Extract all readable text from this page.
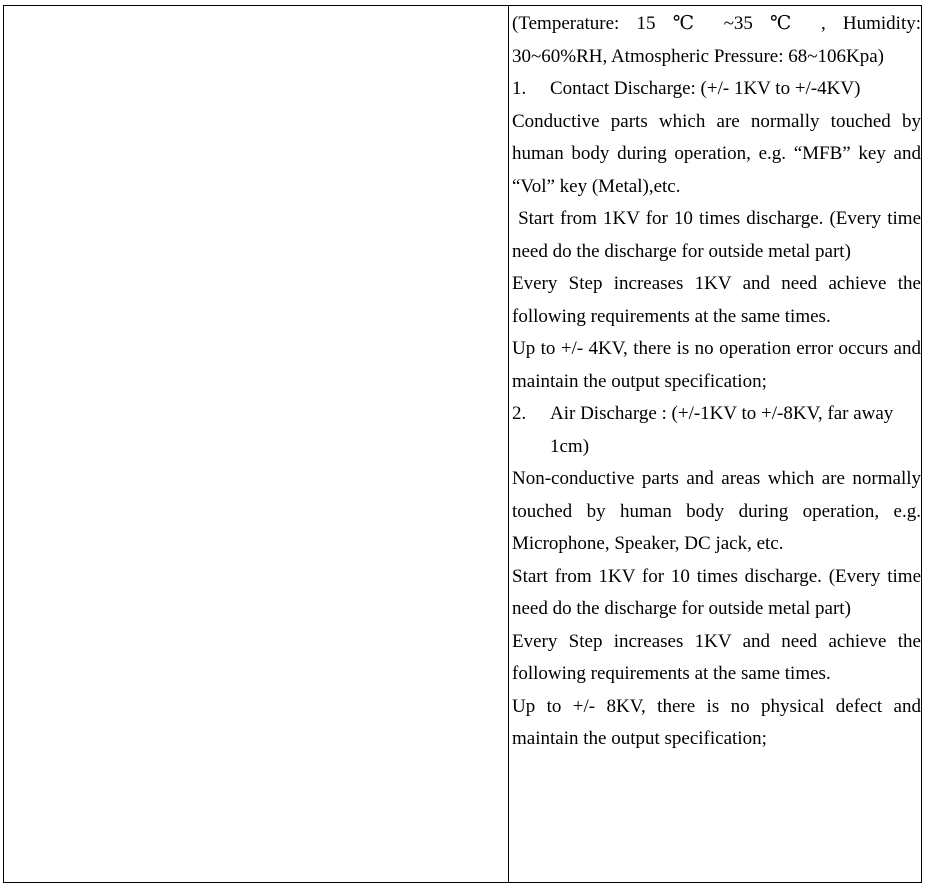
(Temperature: 15 ℃ ~35 ℃ , Humidity: 30~60%RH, Atmospheric Pressure: 68~106Kpa)

1.	Contact Discharge: (+/- 1KV to +/-4KV)

Conductive parts which are normally touched by human body during operation, e.g. “MFB” key and “Vol” key (Metal),etc.

Start from 1KV for 10 times discharge. (Every time need do the discharge for outside metal part)

Every Step increases 1KV and need achieve the following requirements at the same times.

Up to +/- 4KV, there is no operation error occurs and maintain the output specification;

2.	Air Discharge : (+/-1KV to +/-8KV, far away 1cm)

Non-conductive parts and areas which are normally touched by human body during operation, e.g. Microphone, Speaker, DC jack, etc.

Start from 1KV for 10 times discharge. (Every time need do the discharge for outside metal part)

Every Step increases 1KV and need achieve the following requirements at the same times.

Up to +/- 8KV, there is no physical defect and maintain the output specification;
